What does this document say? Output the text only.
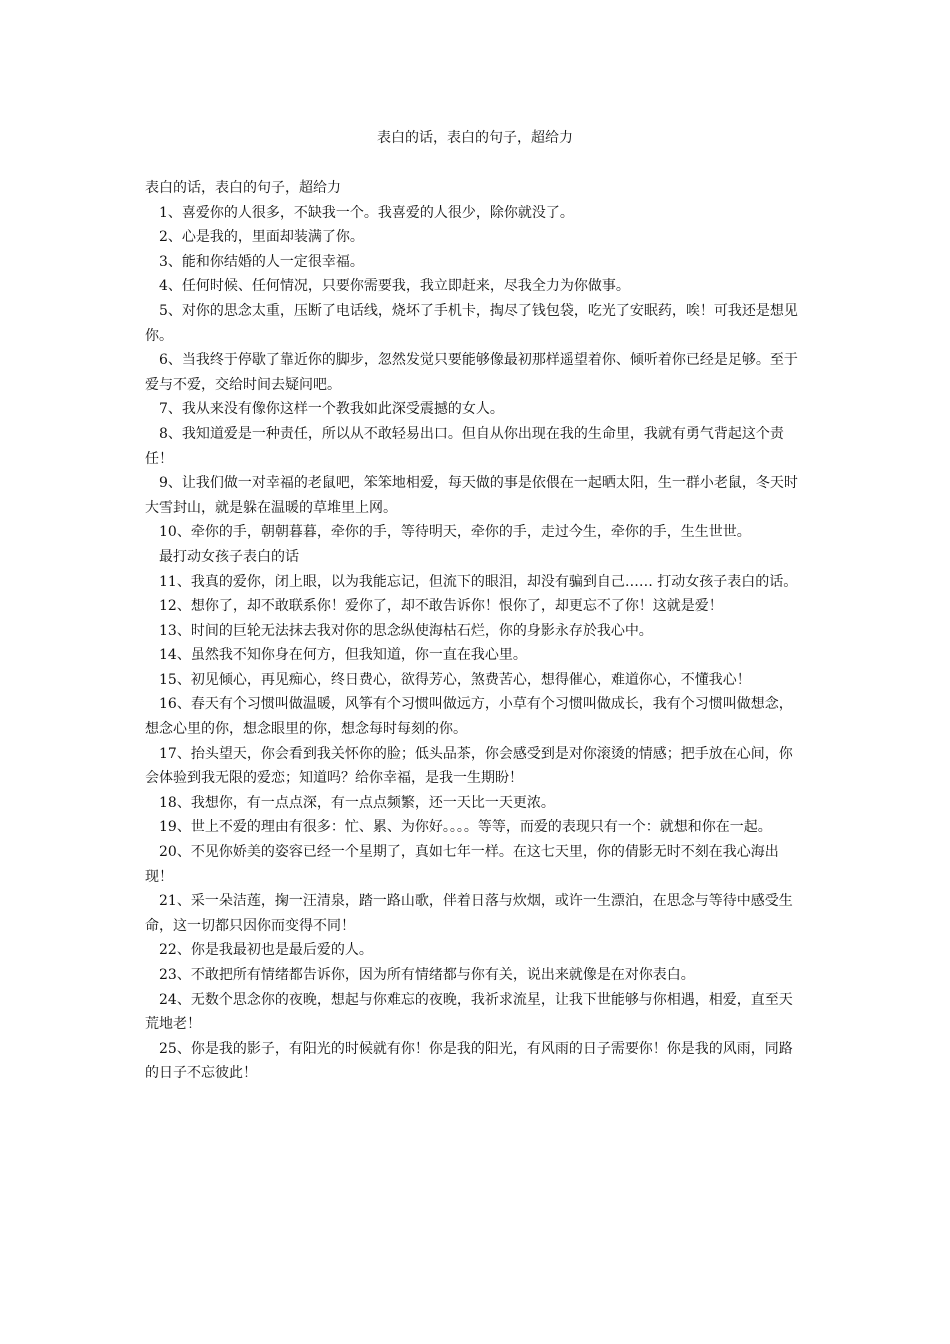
表白的话，表白的句子，超给力

表白的话，表白的句子，超给力

1、喜爱你的人很多，不缺我一个。我喜爱的人很少，除你就没了。

2、心是我的，里面却装满了你。

3、能和你结婚的人一定很幸福。

4、任何时候、任何情况，只要你需要我，我立即赶来，尽我全力为你做事。

5、对你的思念太重，压断了电话线，烧坏了手机卡，掏尽了钱包袋，吃光了安眠药，唉！可我还是想见你。

6、当我终于停歇了靠近你的脚步，忽然发觉只要能够像最初那样遥望着你、倾听着你已经是足够。至于爱与不爱，交给时间去疑问吧。

7、我从来没有像你这样一个教我如此深受震撼的女人。

8、我知道爱是一种责任，所以从不敢轻易出口。但自从你出现在我的生命里，我就有勇气背起这个责任！

9、让我们做一对幸福的老鼠吧，笨笨地相爱，每天做的事是依偎在一起晒太阳，生一群小老鼠，冬天时大雪封山，就是躲在温暖的草堆里上网。

10、牵你的手，朝朝暮暮，牵你的手，等待明天，牵你的手，走过今生，牵你的手，生生世世。

最打动女孩子表白的话

11、我真的爱你，闭上眼，以为我能忘记，但流下的眼泪，却没有骗到自己…… 打动女孩子表白的话。

12、想你了，却不敢联系你！爱你了，却不敢告诉你！恨你了，却更忘不了你！这就是爱！

13、时间的巨轮无法抹去我对你的思念纵使海枯石烂，你的身影永存於我心中。

14、虽然我不知你身在何方，但我知道，你一直在我心里。

15、初见倾心，再见痴心，终日费心，欲得芳心，煞费苦心，想得催心，难道你心，不懂我心！

16、春天有个习惯叫做温暖，风筝有个习惯叫做远方，小草有个习惯叫做成长，我有个习惯叫做想念，想念心里的你，想念眼里的你，想念每时每刻的你。

17、抬头望天，你会看到我关怀你的脸；低头品茶，你会感受到是对你滚烫的情感；把手放在心间，你会体验到我无限的爱恋；知道吗？给你幸福，是我一生期盼！

18、我想你，有一点点深，有一点点频繁，还一天比一天更浓。

19、世上不爱的理由有很多：忙、累、为你好。。。。等等，而爱的表现只有一个：就想和你在一起。

20、不见你娇美的姿容已经一个星期了，真如七年一样。在这七天里，你的倩影无时不刻在我心海出现！

21、采一朵洁莲，掬一汪清泉，踏一路山歌，伴着日落与炊烟，或许一生漂泊，在思念与等待中感受生命，这一切都只因你而变得不同！

22、你是我最初也是最后爱的人。

23、不敢把所有情绪都告诉你，因为所有情绪都与你有关，说出来就像是在对你表白。

24、无数个思念你的夜晚，想起与你难忘的夜晚，我祈求流星，让我下世能够与你相遇，相爱，直至天荒地老！

25、你是我的影子，有阳光的时候就有你！你是我的阳光，有风雨的日子需要你！你是我的风雨，同路的日子不忘彼此！
